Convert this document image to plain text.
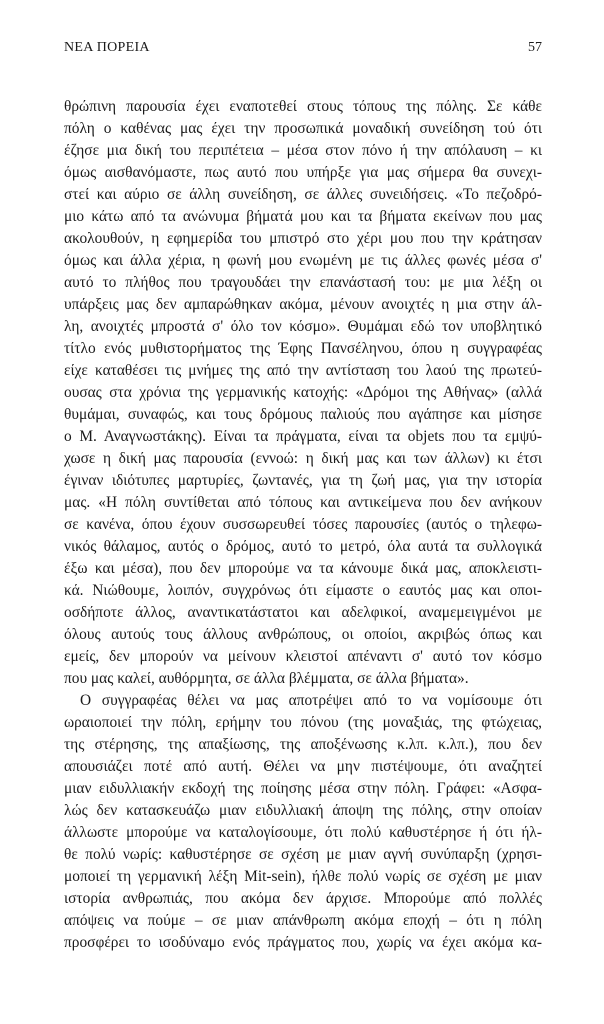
ΝΕΑ ΠΟΡΕΙΑ	57
θρώπινη παρουσία έχει εναποτεθεί στους τόπους της πόλης. Σε κάθε
πόλη ο καθένας μας έχει την προσωπικά μοναδική συνείδηση τού ότι
έζησε μια δική του περιπέτεια – μέσα στον πόνο ή την απόλαυση – κι
όμως αισθανόμαστε, πως αυτό που υπήρξε για μας σήμερα θα συνεχι-
στεί και αύριο σε άλλη συνείδηση, σε άλλες συνειδήσεις. «Το πεζοδρό-
μιο κάτω από τα ανώνυμα βήματά μου και τα βήματα εκείνων που μας
ακολουθούν, η εφημερίδα του μπιστρό στο χέρι μου που την κράτησαν
όμως και άλλα χέρια, η φωνή μου ενωμένη με τις άλλες φωνές μέσα σ'
αυτό το πλήθος που τραγουδάει την επανάστασή του: με μια λέξη οι
υπάρξεις μας δεν αμπαρώθηκαν ακόμα, μένουν ανοιχτές η μια στην άλ-
λη, ανοιχτές μπροστά σ' όλο τον κόσμο». Θυμάμαι εδώ τον υποβλητικό
τίτλο ενός μυθιστορήματος της Έφης Πανσέληνου, όπου η συγγραφέας
είχε καταθέσει τις μνήμες της από την αντίσταση του λαού της πρωτεύ-
ουσας στα χρόνια της γερμανικής κατοχής: «Δρόμοι της Αθήνας» (αλλά
θυμάμαι, συναφώς, και τους δρόμους παλιούς που αγάπησε και μίσησε
ο Μ. Αναγνωστάκης). Είναι τα πράγματα, είναι τα objets που τα εμψύ-
χωσε η δική μας παρουσία (εννοώ: η δική μας και των άλλων) κι έτσι
έγιναν ιδιότυπες μαρτυρίες, ζωντανές, για τη ζωή μας, για την ιστορία
μας. «Η πόλη συντίθεται από τόπους και αντικείμενα που δεν ανήκουν
σε κανένα, όπου έχουν συσσωρευθεί τόσες παρουσίες (αυτός ο τηλεφω-
νικός θάλαμος, αυτός ο δρόμος, αυτό το μετρό, όλα αυτά τα συλλογικά
έξω και μέσα), που δεν μπορούμε να τα κάνουμε δικά μας, αποκλειστι-
κά. Νιώθουμε, λοιπόν, συγχρόνως ότι είμαστε ο εαυτός μας και οποι-
οσδήποτε άλλος, αναντικατάστατοι και αδελφικοί, αναμεμειγμένοι με
όλους αυτούς τους άλλους ανθρώπους, οι οποίοι, ακριβώς όπως και
εμείς, δεν μπορούν να μείνουν κλειστοί απέναντι σ' αυτό τον κόσμο
που μας καλεί, αυθόρμητα, σε άλλα βλέμματα, σε άλλα βήματα».
Ο συγγραφέας θέλει να μας αποτρέψει από το να νομίσουμε ότι
ωραιοποιεί την πόλη, ερήμην του πόνου (της μοναξιάς, της φτώχειας,
της στέρησης, της απαξίωσης, της αποξένωσης κ.λπ. κ.λπ.), που δεν
απουσιάζει ποτέ από αυτή. Θέλει να μην πιστέψουμε, ότι αναζητεί
μιαν ειδυλλιακήν εκδοχή της ποίησης μέσα στην πόλη. Γράφει: «Ασφα-
λώς δεν κατασκευάζω μιαν ειδυλλιακή άποψη της πόλης, στην οποίαν
άλλωστε μπορούμε να καταλογίσουμε, ότι πολύ καθυστέρησε ή ότι ήλ-
θε πολύ νωρίς: καθυστέρησε σε σχέση με μιαν αγνή συνύπαρξη (χρησι-
μοποιεί τη γερμανική λέξη Mit-sein), ήλθε πολύ νωρίς σε σχέση με μιαν
ιστορία ανθρωπιάς, που ακόμα δεν άρχισε. Μπορούμε από πολλές
απόψεις να πούμε – σε μιαν απάνθρωπη ακόμα εποχή – ότι η πόλη
προσφέρει το ισοδύναμο ενός πράγματος που, χωρίς να έχει ακόμα κα-
